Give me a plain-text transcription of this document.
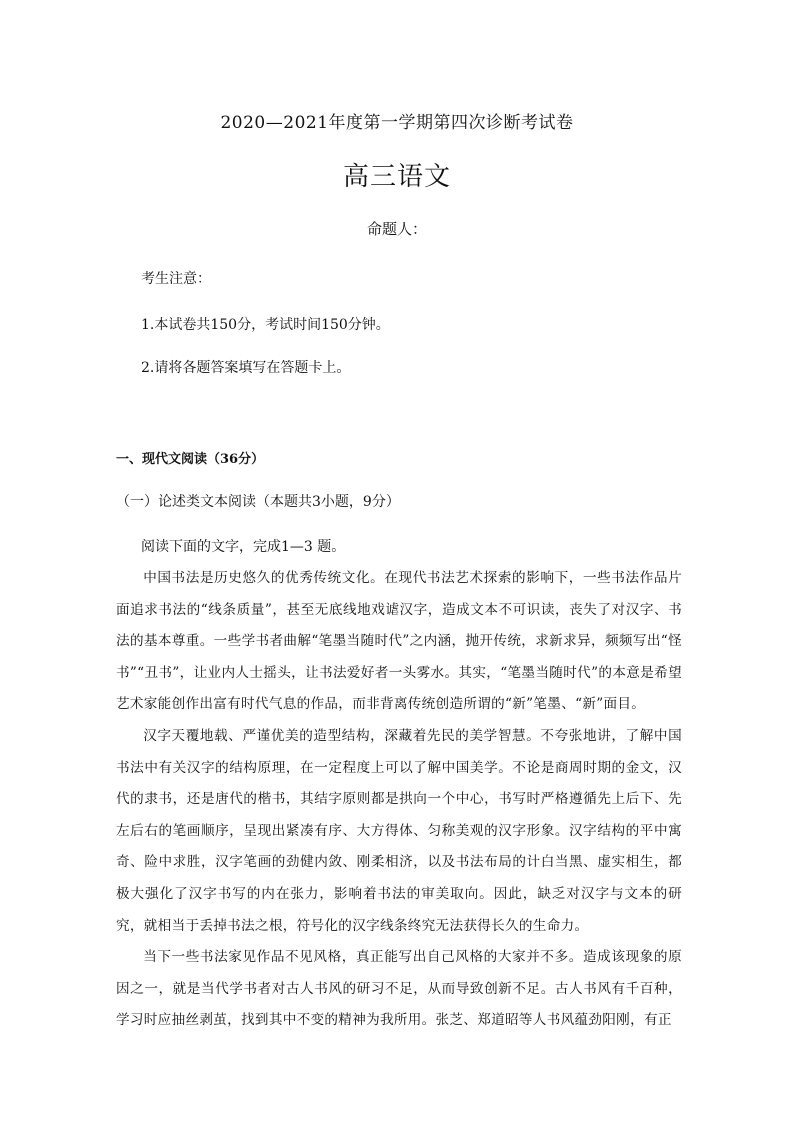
2020—2021年度第一学期第四次诊断考试卷
高三语文
命题人：
考生注意：
1.本试卷共150分，考试时间150分钟。
2.请将各题答案填写在答题卡上。
一、现代文阅读（36分）
（一）论述类文本阅读（本题共3小题，9分）
阅读下面的文字，完成1—3 题。

中国书法是历史悠久的优秀传统文化。在现代书法艺术探索的影响下，一些书法作品片面追求书法的“线条质量”，甚至无底线地戏谑汉字，造成文本不可识读，丧失了对汉字、书法的基本尊重。一些学书者曲解“笔墨当随时代”之内涵，抛开传统，求新求异，频频写出“怪书”“丑书”，让业内人士摇头，让书法爱好者一头雾水。其实，“笔墨当随时代”的本意是希望艺术家能创作出富有时代气息的作品，而非背离传统创造所谓的“新”笔墨、“新”面目。

汉字天覆地载、严谨优美的造型结构，深藏着先民的美学智慧。不夸张地讲，了解中国书法中有关汉字的结构原理，在一定程度上可以了解中国美学。不论是商周时期的金文，汉代的隶书，还是唐代的楷书，其结字原则都是拱向一个中心，书写时严格遵循先上后下、先左后右的笔画顺序，呈现出紧凑有序、大方得体、匀称美观的汉字形象。汉字结构的平中寓奇、险中求胜，汉字笔画的劲健内敛、刚柔相济，以及书法布局的计白当黑、虚实相生，都极大强化了汉字书写的内在张力，影响着书法的审美取向。因此，缺乏对汉字与文本的研究，就相当于丢掉书法之根，符号化的汉字线条终究无法获得长久的生命力。

当下一些书法家见作品不见风格，真正能写出自己风格的大家并不多。造成该现象的原因之一，就是当代学书者对古人书风的研习不足，从而导致创新不足。古人书风有千百种，学习时应抽丝剥茧，找到其中不变的精神为我所用。张芝、郑道昭等人书风蕴劲阳刚，有正
